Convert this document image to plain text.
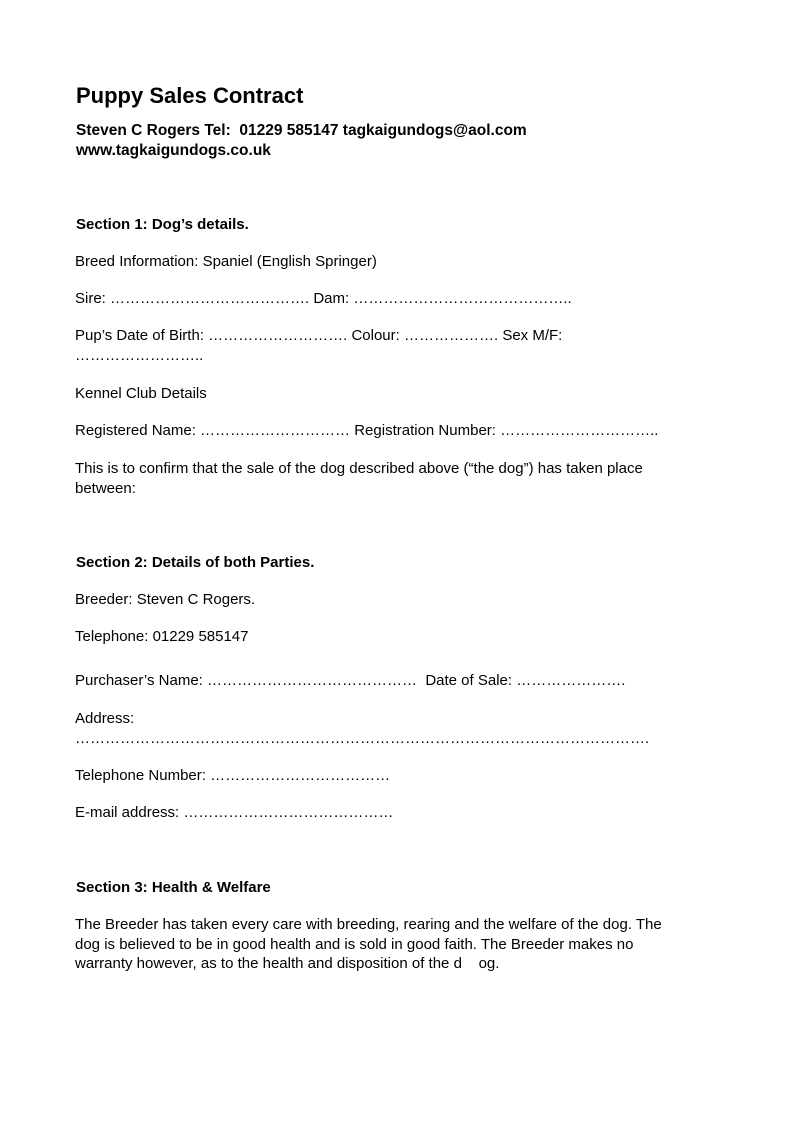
Puppy Sales Contract
Steven C Rogers Tel:  01229 585147 tagkaigundogs@aol.com
www.tagkaigundogs.co.uk
Section 1: Dog’s details.
Breed Information: Spaniel (English Springer)
Sire: …………………………………. Dam: ……………………………………..
Pup’s Date of Birth: ………………………. Colour: ………………. Sex M/F:
……………………..
Kennel Club Details
Registered Name: ………………………… Registration Number: …………………………..
This is to confirm that the sale of the dog described above (“the dog”) has taken place
between:
Section 2: Details of both Parties.
Breeder: Steven C Rogers.
Telephone: 01229 585147
Purchaser’s Name: ……………………………………  Date of Sale: ………………….
Address:
…………………………………………………………………………………………………….
Telephone Number: ………………………………
E-mail address: ……………………………………
Section 3: Health & Welfare
The Breeder has taken every care with breeding, rearing and the welfare of the dog. The
dog is believed to be in good health and is sold in good faith. The Breeder makes no
warranty however, as to the health and disposition of the d    og.
